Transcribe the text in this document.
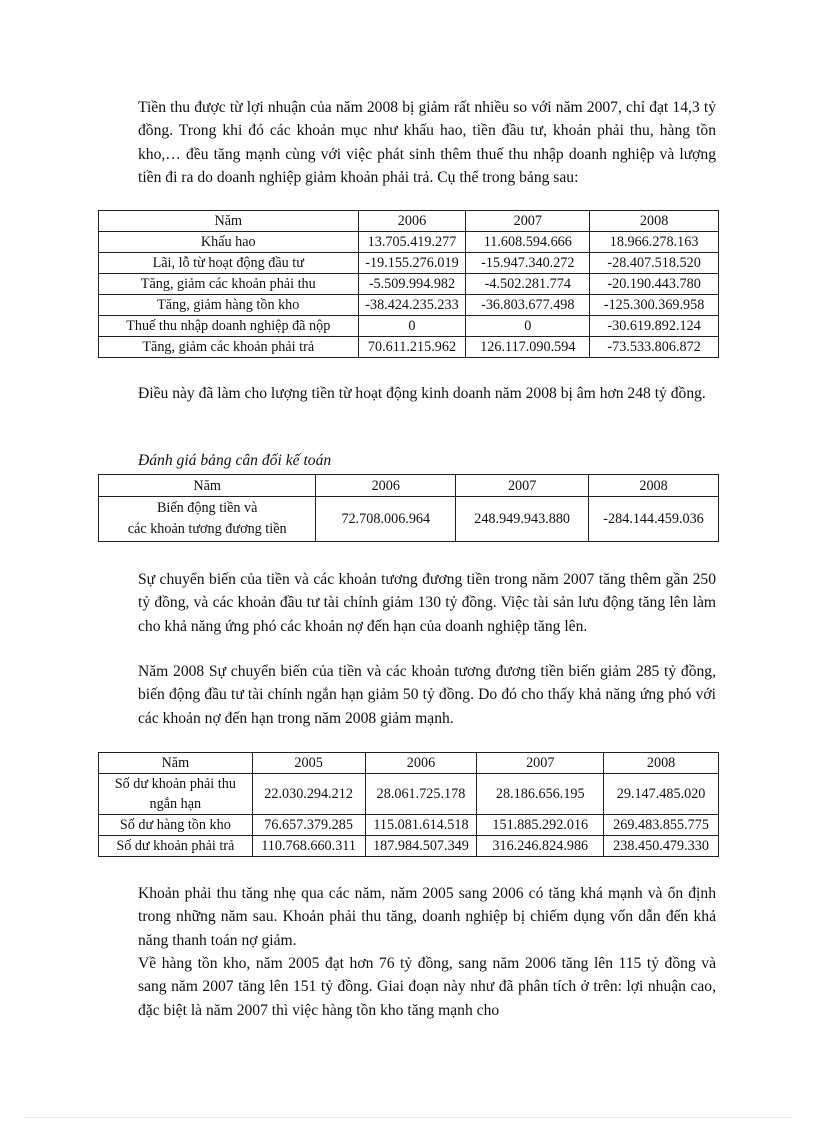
Tiền thu được từ lợi nhuận của năm 2008 bị giảm rất nhiều so với năm 2007, chỉ đạt 14,3 tỷ đồng. Trong khi đó các khoản mục như khấu hao, tiền đầu tư, khoản phải thu, hàng tồn kho,… đều tăng mạnh cùng với việc phát sinh thêm thuế thu nhập doanh nghiệp và lượng tiền đi ra do doanh nghiệp giảm khoản phải trả. Cụ thể trong bảng sau:

Năm	2006	2007	2008
Khấu hao	13.705.419.277	11.608.594.666	18.966.278.163
Lãi, lỗ từ hoạt động đầu tư	-19.155.276.019	-15.947.340.272	-28.407.518.520
Tăng, giảm các khoản phải thu	-5.509.994.982	-4.502.281.774	-20.190.443.780
Tăng, giảm hàng tồn kho	-38.424.235.233	-36.803.677.498	-125.300.369.958
Thuế thu nhập doanh nghiệp đã nộp	0	0	-30.619.892.124
Tăng, giảm các khoản phải trả	70.611.215.962	126.117.090.594	-73.533.806.872

Điều này đã làm cho lượng tiền từ hoạt động kinh doanh năm 2008 bị âm hơn 248 tỷ đồng.

Đánh giá bảng cân đối kế toán

Năm	2006	2007	2008
Biến động tiền và
các khoản tương đương tiền	72.708.006.964	248.949.943.880	-284.144.459.036

Sự chuyển biến của tiền và các khoản tương đương tiền trong năm 2007 tăng thêm gần 250 tỷ đồng, và các khoản đầu tư tài chính giảm 130 tỷ đồng. Việc tài sản lưu động tăng lên làm cho khả năng ứng phó các khoản nợ đến hạn của doanh nghiệp tăng lên.

Năm 2008 Sự chuyển biến của tiền và các khoản tương đương tiền biến giảm 285 tỷ đồng, biến động đầu tư tài chính ngắn hạn giảm 50 tỷ đồng. Do đó cho thấy khả năng ứng phó với các khoản nợ đến hạn trong năm 2008 giảm mạnh.

Năm	2005	2006	2007	2008
Số dư khoản phải thu
ngắn hạn	22.030.294.212	28.061.725.178	28.186.656.195	29.147.485.020
Số dư hàng tồn kho	76.657.379.285	115.081.614.518	151.885.292.016	269.483.855.775
Số dư khoản phải trả	110.768.660.311	187.984.507.349	316.246.824.986	238.450.479.330

Khoản phải thu tăng nhẹ qua các năm, năm 2005 sang 2006 có tăng khá mạnh và ổn định trong những năm sau. Khoản phải thu tăng, doanh nghiệp bị chiếm dụng vốn dẫn đến khả năng thanh toán nợ giảm.

Về hàng tồn kho, năm 2005 đạt hơn 76 tỷ đồng, sang năm 2006 tăng lên 115 tỷ đồng và sang năm 2007 tăng lên 151 tỷ đồng. Giai đoạn này như đã phân tích ở trên: lợi nhuận cao, đặc biệt là năm 2007 thì việc hàng tồn kho tăng mạnh cho
